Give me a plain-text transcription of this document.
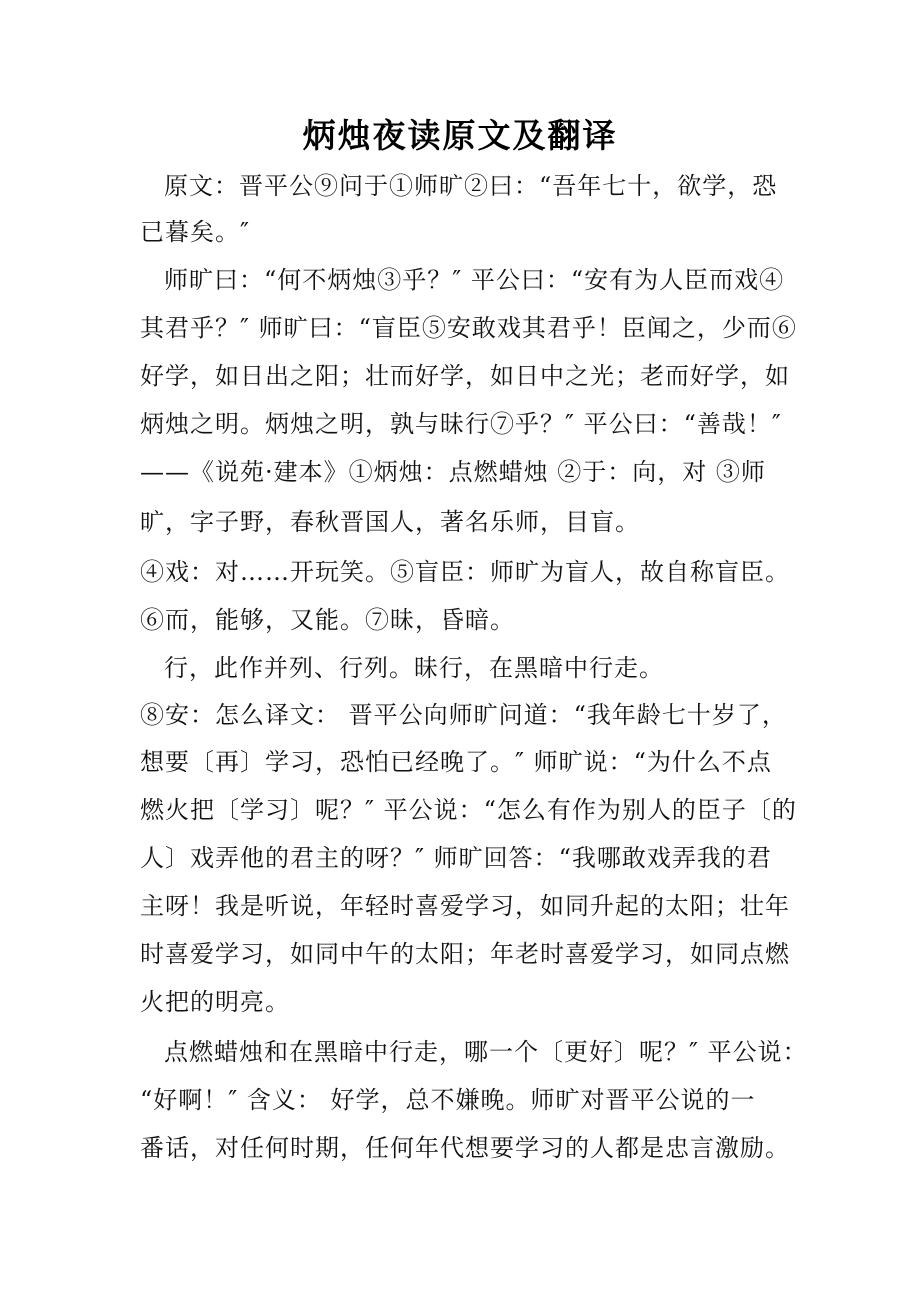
炳烛夜读原文及翻译
原文：晋平公⑨问于①师旷②曰：“吾年七十，欲学，恐
已暮矣。″
师旷曰：“何不炳烛③乎？″ 平公曰：“安有为人臣而戏④
其君乎？″ 师旷曰：“盲臣⑤安敢戏其君乎！臣闻之，少而⑥
好学，如日出之阳；壮而好学，如日中之光；老而好学，如
炳烛之明。炳烛之明，孰与昧行⑦乎？″ 平公曰：“善哉！″
——《说苑·建本》①炳烛：点燃蜡烛 ②于：向，对 ③师
旷，字子野，春秋晋国人，著名乐师，目盲。
④戏：对……开玩笑。⑤盲臣：师旷为盲人，故自称盲臣。
⑥而，能够，又能。⑦昧，昏暗。
行，此作并列、行列。昧行，在黑暗中行走。
⑧安：怎么译文： 晋平公向师旷问道：“我年龄七十岁了，
想要〔再〕学习，恐怕已经晚了。″ 师旷说：“为什么不点
燃火把〔学习〕呢？″ 平公说：“怎么有作为别人的臣子〔的
人〕戏弄他的君主的呀？″ 师旷回答：“我哪敢戏弄我的君
主呀！我是听说，年轻时喜爱学习，如同升起的太阳；壮年
时喜爱学习，如同中午的太阳；年老时喜爱学习，如同点燃
火把的明亮。
点燃蜡烛和在黑暗中行走，哪一个〔更好〕呢？″ 平公说：
“好啊！″ 含义： 好学，总不嫌晚。师旷对晋平公说的一
番话，对任何时期，任何年代想要学习的人都是忠言激励。
